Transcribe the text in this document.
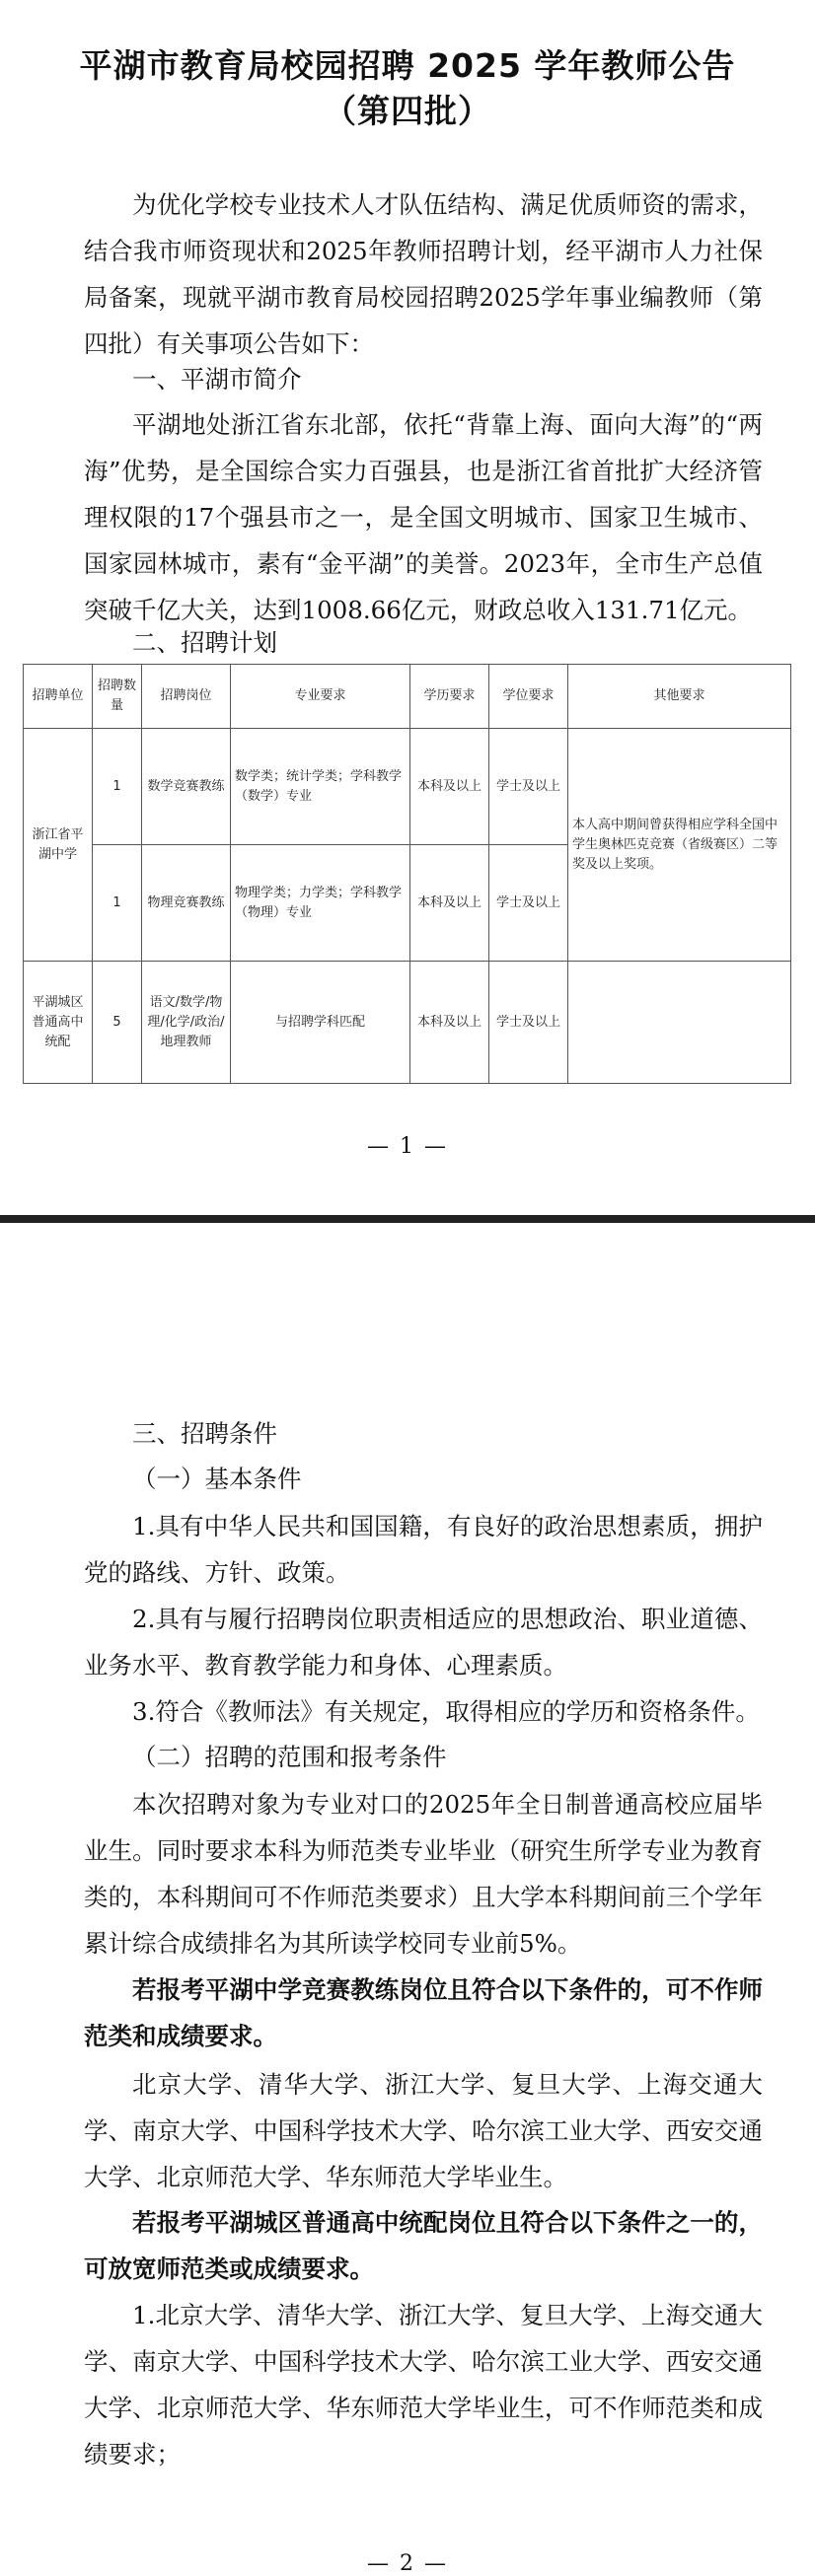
平湖市教育局校园招聘 2025 学年教师公告
（第四批）

为优化学校专业技术人才队伍结构、满足优质师资的需求，结合我市师资现状和2025年教师招聘计划，经平湖市人力社保局备案，现就平湖市教育局校园招聘2025学年事业编教师（第四批）有关事项公告如下：

一、平湖市简介

平湖地处浙江省东北部，依托“背靠上海、面向大海”的“两海”优势，是全国综合实力百强县，也是浙江省首批扩大经济管理权限的17个强县市之一，是全国文明城市、国家卫生城市、国家园林城市，素有“金平湖”的美誉。2023年，全市生产总值突破千亿大关，达到1008.66亿元，财政总收入131.71亿元。

二、招聘计划

招聘单位	招聘数量	招聘岗位	专业要求	学历要求	学位要求	其他要求
浙江省平湖中学	1	数学竞赛教练	数学类；统计学类；学科教学（数学）专业	本科及以上	学士及以上	本人高中期间曾获得相应学科全国中学生奥林匹克竞赛（省级赛区）二等奖及以上奖项。
	1	物理竞赛教练	物理学类；力学类；学科教学（物理）专业	本科及以上	学士及以上	
平湖城区普通高中统配	5	语文/数学/物理/化学/政治/地理教师	与招聘学科匹配	本科及以上	学士及以上	
— 1 —

三、招聘条件

（一）基本条件

1.具有中华人民共和国国籍，有良好的政治思想素质，拥护党的路线、方针、政策。

2.具有与履行招聘岗位职责相适应的思想政治、职业道德、业务水平、教育教学能力和身体、心理素质。

3.符合《教师法》有关规定，取得相应的学历和资格条件。

（二）招聘的范围和报考条件

本次招聘对象为专业对口的2025年全日制普通高校应届毕业生。同时要求本科为师范类专业毕业（研究生所学专业为教育类的，本科期间可不作师范类要求）且大学本科期间前三个学年累计综合成绩排名为其所读学校同专业前5%。

若报考平湖中学竞赛教练岗位且符合以下条件的，可不作师范类和成绩要求。

北京大学、清华大学、浙江大学、复旦大学、上海交通大学、南京大学、中国科学技术大学、哈尔滨工业大学、西安交通大学、北京师范大学、华东师范大学毕业生。

若报考平湖城区普通高中统配岗位且符合以下条件之一的，可放宽师范类或成绩要求。

1.北京大学、清华大学、浙江大学、复旦大学、上海交通大学、南京大学、中国科学技术大学、哈尔滨工业大学、西安交通大学、北京师范大学、华东师范大学毕业生，可不作师范类和成绩要求；

— 2 —
